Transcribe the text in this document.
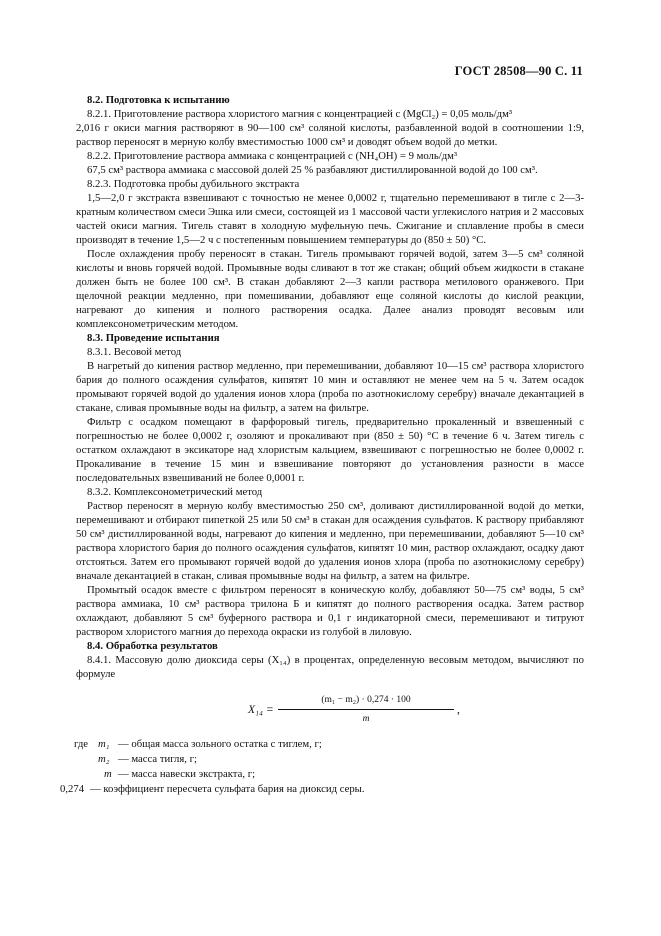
ГОСТ 28508—90 С. 11

8.2. Подготовка к испытанию

8.2.1. Приготовление раствора хлористого магния с концентрацией c (MgCl₂) = 0,05 моль/дм³

2,016 г окиси магния растворяют в 90—100 см³ соляной кислоты, разбавленной водой в соотношении 1:9, раствор переносят в мерную колбу вместимостью 1000 см³ и доводят объем водой до метки.

8.2.2. Приготовление раствора аммиака с концентрацией c (NH₄OH) = 9 моль/дм³

67,5 см³ раствора аммиака с массовой долей 25 % разбавляют дистиллированной водой до 100 см³.

8.2.3. Подготовка пробы дубильного экстракта

1,5—2,0 г экстракта взвешивают с точностью не менее 0,0002 г, тщательно перемешивают в тигле с 2—3-кратным количеством смеси Эшка или смеси, состоящей из 1 массовой части углекислого натрия и 2 массовых частей окиси магния. Тигель ставят в холодную муфельную печь. Сжигание и сплавление пробы в смеси производят в течение 1,5—2 ч с постепенным повышением температуры до (850 ± 50) °С.

После охлаждения пробу переносят в стакан. Тигель промывают горячей водой, затем 3—5 см³ соляной кислоты и вновь горячей водой. Промывные воды сливают в тот же стакан; общий объем жидкости в стакане должен быть не более 100 см³. В стакан добавляют 2—3 капли раствора метилового оранжевого. При щелочной реакции медленно, при помешивании, добавляют еще соляной кислоты до кислой реакции, нагревают до кипения и полного растворения осадка. Далее анализ проводят весовым или комплексонометрическим методом.

8.3. Проведение испытания

8.3.1. Весовой метод

В нагретый до кипения раствор медленно, при перемешивании, добавляют 10—15 см³ раствора хлористого бария до полного осаждения сульфатов, кипятят 10 мин и оставляют не менее чем на 5 ч. Затем осадок промывают горячей водой до удаления ионов хлора (проба по азотнокислому серебру) вначале декантацией в стакане, сливая промывные воды на фильтр, а затем на фильтре.

Фильтр с осадком помещают в фарфоровый тигель, предварительно прокаленный и взвешенный с погрешностью не более 0,0002 г, озоляют и прокаливают при (850 ± 50) °С в течение 6 ч. Затем тигель с остатком охлаждают в эксикаторе над хлористым кальцием, взвешивают с погрешностью не более 0,0002 г. Прокаливание в течение 15 мин и взвешивание повторяют до установления разности в массе последовательных взвешиваний не более 0,0001 г.

8.3.2. Комплексонометрический метод

Раствор переносят в мерную колбу вместимостью 250 см³, доливают дистиллированной водой до метки, перемешивают и отбирают пипеткой 25 или 50 см³ в стакан для осаждения сульфатов. К раствору прибавляют 50 см³ дистиллированной воды, нагревают до кипения и медленно, при перемешивании, добавляют 5—10 см³ раствора хлористого бария до полного осаждения сульфатов, кипятят 10 мин, раствор охлаждают, осадку дают отстояться. Затем его промывают горячей водой до удаления ионов хлора (проба по азотнокислому серебру) вначале декантацией в стакан, сливая промывные воды на фильтр, а затем на фильтре.

Промытый осадок вместе с фильтром переносят в коническую колбу, добавляют 50—75 см³ воды, 5 см³ раствора аммиака, 10 см³ раствора трилона Б и кипятят до полного растворения осадка. Затем раствор охлаждают, добавляют 5 см³ буферного раствора и 0,1 г индикаторной смеси, перемешивают и титруют раствором хлористого магния до перехода окраски из голубой в лиловую.

8.4. Обработка результатов

8.4.1. Массовую долю диоксида серы (X₁₄) в процентах, определенную весовым методом, вычисляют по формуле

$X_{14} = \frac{\text{(m₁ − m₂) · 0,274 · 100}}{m}$ ,
где m₁ — общая масса зольного остатка с тиглем, г;
m₂ — масса тигля, г;
m — масса навески экстракта, г;
0,274 — коэффициент пересчета сульфата бария на диоксид серы.
